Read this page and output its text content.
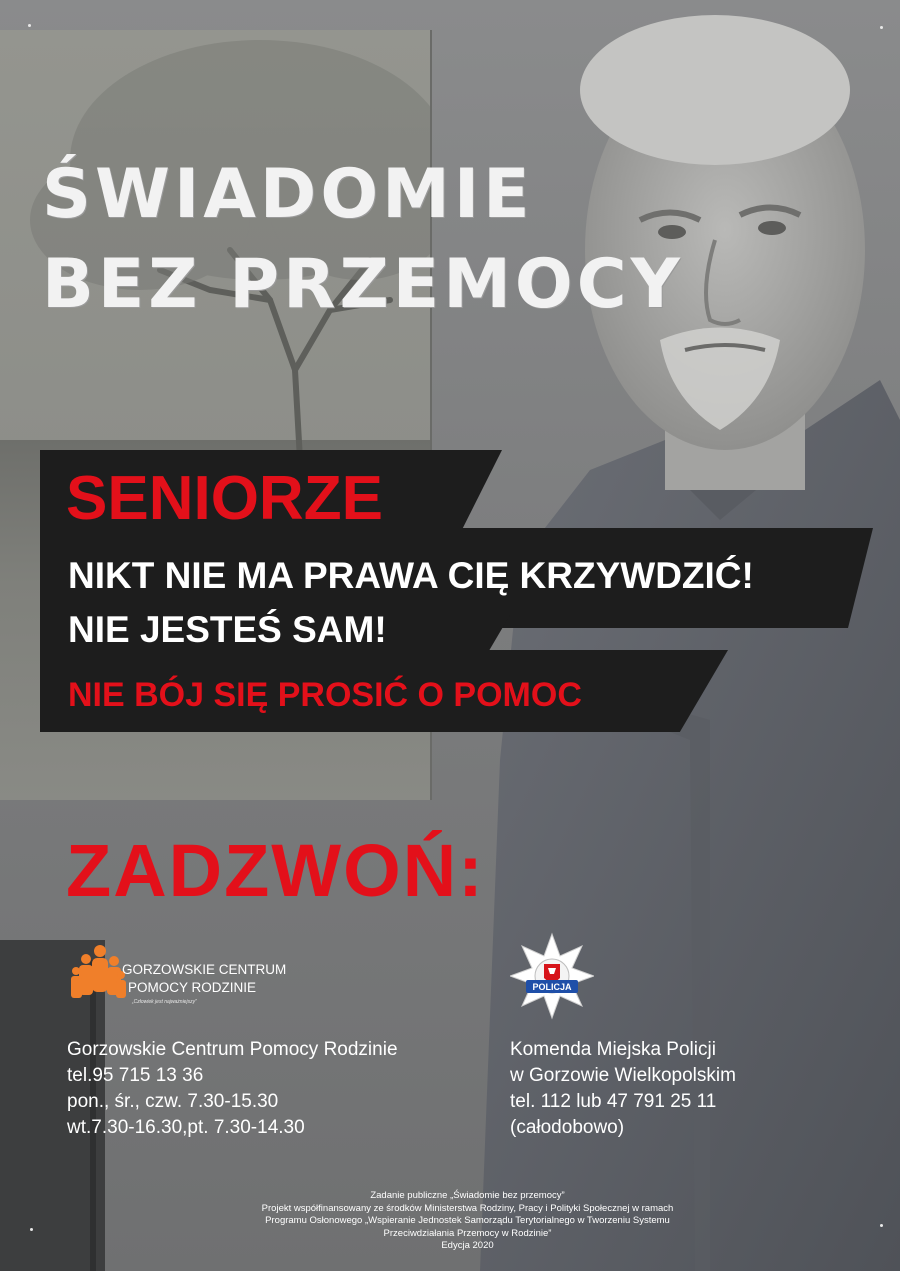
ŚWIADOMIE
BEZ PRZEMOCY
SENIORZE
NIKT NIE MA PRAWA CIĘ KRZYWDZIĆ!
NIE JESTEŚ SAM!
NIE BÓJ SIĘ PROSIĆ O POMOC
ZADZWOŃ:
GORZOWSKIE CENTRUM
POMOCY RODZINIE
„Człowiek jest najważniejszy”
POLICJA
Gorzowskie Centrum Pomocy Rodzinie
tel.95 715 13 36
pon., śr., czw. 7.30-15.30
wt.7.30-16.30,pt. 7.30-14.30
Komenda Miejska Policji
w Gorzowie Wielkopolskim
tel. 112 lub 47 791 25 11
(całodobowo)
Zadanie publiczne „Świadomie bez przemocy”
Projekt współfinansowany ze środków Ministerstwa Rodziny, Pracy i Polityki Społecznej w ramach
Programu Osłonowego „Wspieranie Jednostek Samorządu Terytorialnego w Tworzeniu Systemu
Przeciwdziałania Przemocy w Rodzinie”
Edycja 2020
